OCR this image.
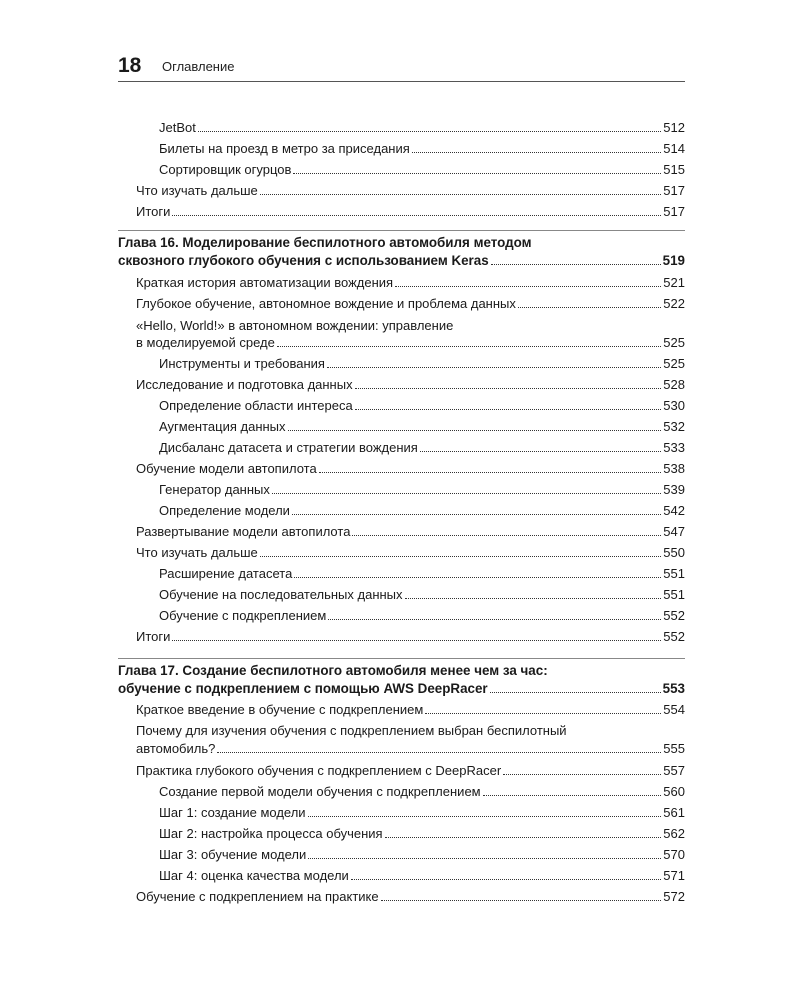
18 Оглавление
JetBot	512
Билеты на проезд в метро за приседания	514
Сортировщик огурцов	515
Что изучать дальше	517
Итоги	517
Глава 16. Моделирование беспилотного автомобиля методом
сквозного глубокого обучения с использованием Keras	519
Краткая история автоматизации вождения	521
Глубокое обучение, автономное вождение и проблема данных	522
«Hello, World!» в автономном вождении: управление
в моделируемой среде	525
Инструменты и требования	525
Исследование и подготовка данных	528
Определение области интереса	530
Аугментация данных	532
Дисбаланс датасета и стратегии вождения	533
Обучение модели автопилота	538
Генератор данных	539
Определение модели	542
Развертывание модели автопилота	547
Что изучать дальше	550
Расширение датасета	551
Обучение на последовательных данных	551
Обучение с подкреплением	552
Итоги	552
Глава 17. Создание беспилотного автомобиля менее чем за час:
обучение с подкреплением с помощью AWS DeepRacer	553
Краткое введение в обучение с подкреплением	554
Почему для изучения обучения с подкреплением выбран беспилотный
автомобиль?	555
Практика глубокого обучения с подкреплением с DeepRacer	557
Создание первой модели обучения с подкреплением	560
Шаг 1: создание модели	561
Шаг 2: настройка процесса обучения	562
Шаг 3: обучение модели	570
Шаг 4: оценка качества модели	571
Обучение с подкреплением на практике	572
